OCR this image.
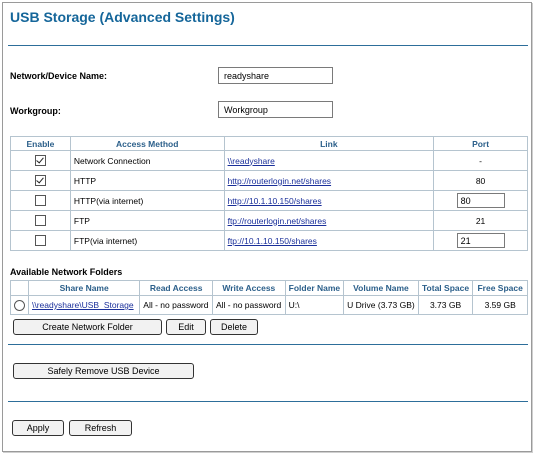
USB Storage (Advanced Settings)
Network/Device Name:
readyshare
Workgroup:
Workgroup
Enable	Access Method	Link	Port
	Network Connection	\\readyshare	-
	HTTP	http://routerlogin.net/shares	80
	HTTP(via internet)	http://10.1.10.150/shares	80
	FTP	ftp://routerlogin.net/shares	21
	FTP(via internet)	ftp://10.1.10.150/shares	21
Available Network Folders
	Share Name	Read Access	Write Access	Folder Name	Volume Name	Total Space	Free Space
	\\readyshare\USB_Storage	All - no password	All - no password	U:\	U Drive (3.73 GB)	3.73 GB	3.59 GB
Create Network Folder	Edit	Delete
Safely Remove USB Device
Apply	Refresh
